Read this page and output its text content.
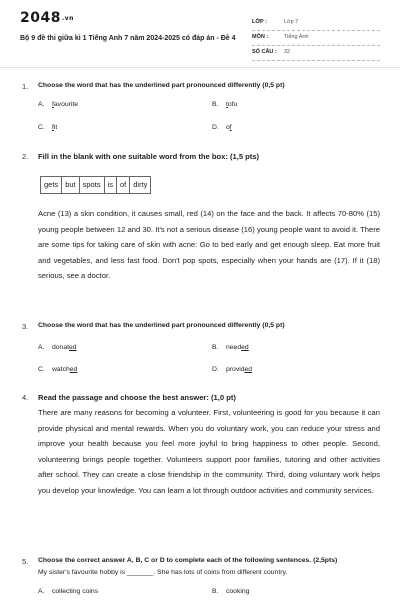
2048.vn
Bộ 9 đề thi giữa kì 1 Tiếng Anh 7 năm 2024-2025 có đáp án - Đề 4
LỚP :	Lớp 7
MÔN :	Tiếng Anh
SỐ CÂU : 32
1. Choose the word that has the underlined part pronounced differently (0,5 pt)
A. favourite	B. tofu
C. fit	D. of
2. Fill in the blank with one suitable word from the box: (1,5 pts)
gets but spots is of dirty
Acne (13) a skin condition, it causes small, red (14) on the face and the back. It affects 70-80% (15) young people between 12 and 30. It's not a serious disease (16) young people want to avoid it. There are some tips for taking care of skin with acne: Go to bed early and get enough sleep. Eat more fruit and vegetables, and less fast food. Don't pop spots, especially when your hands are (17). If it (18) serious, see a doctor.
3. Choose the word that has the underlined part pronounced differently (0,5 pt)
A. donated	B. needed
C. watched	D. provided
4. Read the passage and choose the best answer: (1,0 pt)
There are many reasons for becoming a volunteer. First, volunteering is good for you because it can provide physical and mental rewards. When you do voluntary work, you can reduce your stress and improve your health because you feel more joyful to bring happiness to other people. Second, volunteering brings people together. Volunteers support poor families, tutoring and other activities after school. They can create a close friendship in the community. Third, doing voluntary work helps you develop your knowledge. You can learn a lot through outdoor activities and community services.
5. Choose the correct answer A, B, C or D to complete each of the following sentences. (2,5pts)
My sister's favourite hobby is _______. She has lots of coins from different country.
A. collecting coins	B. cooking
